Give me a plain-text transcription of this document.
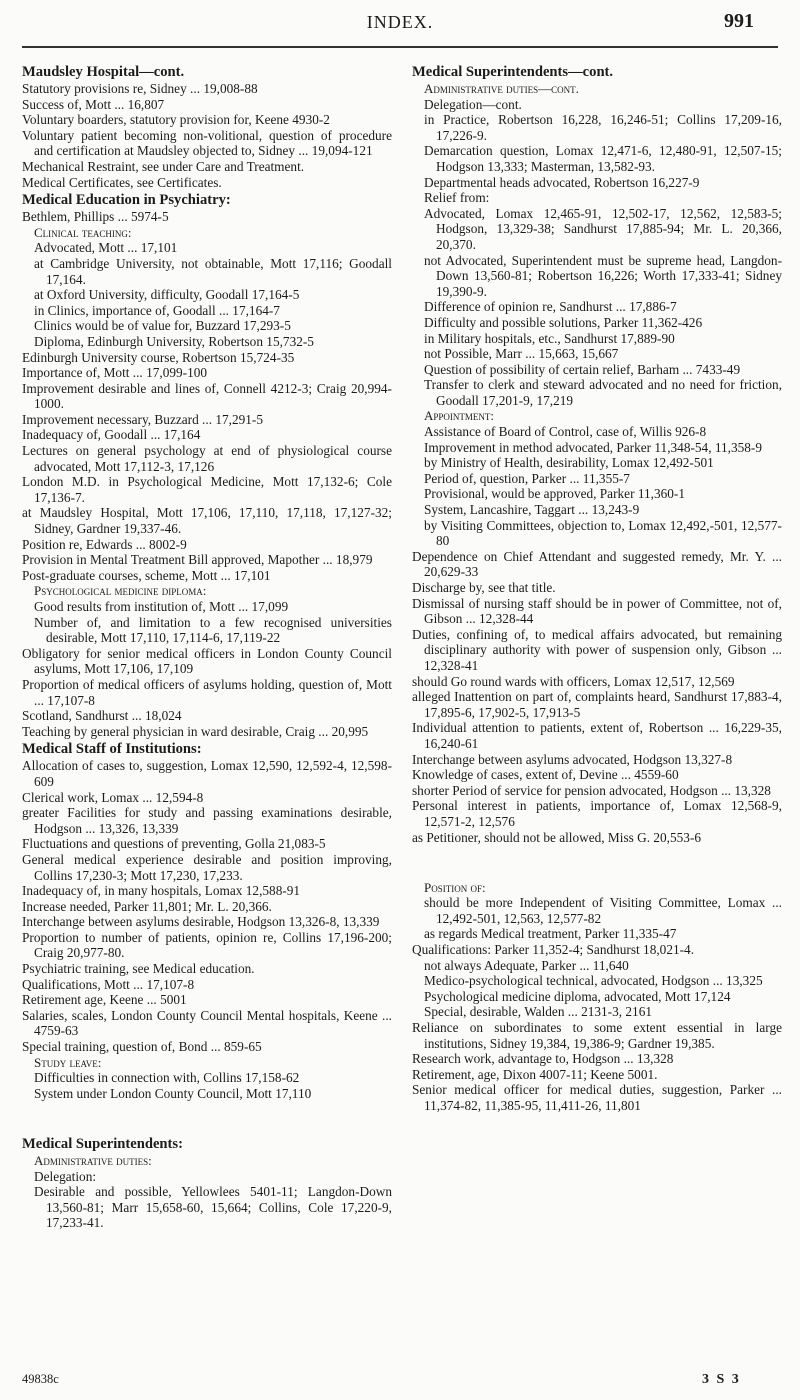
INDEX.	991

Maudsley Hospital—cont.

Statutory provisions re, Sidney ... 19,008-88

Success of, Mott ... 16,807

Voluntary boarders, statutory provision for, Keene 4930-2

Voluntary patient becoming non-volitional, question of procedure and certification at Maudsley objected to, Sidney ... 19,094-121

Mechanical Restraint, see under Care and Treatment.

Medical Certificates, see Certificates.

Medical Education in Psychiatry:

Bethlem, Phillips ... 5974-5

Clinical teaching:

Advocated, Mott ... 17,101

at Cambridge University, not obtainable, Mott 17,116; Goodall 17,164.

at Oxford University, difficulty, Goodall 17,164-5

in Clinics, importance of, Goodall ... 17,164-7

Clinics would be of value for, Buzzard 17,293-5

Diploma, Edinburgh University, Robertson 15,732-5

Edinburgh University course, Robertson 15,724-35

Importance of, Mott ... 17,099-100

Improvement desirable and lines of, Connell 4212-3; Craig 20,994-1000.

Improvement necessary, Buzzard ... 17,291-5

Inadequacy of, Goodall ... 17,164

Lectures on general psychology at end of physiological course advocated, Mott 17,112-3, 17,126

London M.D. in Psychological Medicine, Mott 17,132-6; Cole 17,136-7.

at Maudsley Hospital, Mott 17,106, 17,110, 17,118, 17,127-32; Sidney, Gardner 19,337-46.

Position re, Edwards ... 8002-9

Provision in Mental Treatment Bill approved, Mapother ... 18,979

Post-graduate courses, scheme, Mott ... 17,101

Psychological medicine diploma:

Good results from institution of, Mott ... 17,099

Number of, and limitation to a few recognised universities desirable, Mott 17,110, 17,114-6, 17,119-22

Obligatory for senior medical officers in London County Council asylums, Mott 17,106, 17,109

Proportion of medical officers of asylums holding, question of, Mott ... 17,107-8

Scotland, Sandhurst ... 18,024

Teaching by general physician in ward desirable, Craig ... 20,995

Medical Staff of Institutions:

Allocation of cases to, suggestion, Lomax 12,590, 12,592-4, 12,598-609

Clerical work, Lomax ... 12,594-8

greater Facilities for study and passing examinations desirable, Hodgson ... 13,326, 13,339

Fluctuations and questions of preventing, Golla 21,083-5

General medical experience desirable and position improving, Collins 17,230-3; Mott 17,230, 17,233.

Inadequacy of, in many hospitals, Lomax 12,588-91

Increase needed, Parker 11,801; Mr. L. 20,366.

Interchange between asylums desirable, Hodgson 13,326-8, 13,339

Proportion to number of patients, opinion re, Collins 17,196-200; Craig 20,977-80.

Psychiatric training, see Medical education.

Qualifications, Mott ... 17,107-8

Retirement age, Keene ... 5001

Salaries, scales, London County Council Mental hospitals, Keene ... 4759-63

Special training, question of, Bond ... 859-65

Study leave:

Difficulties in connection with, Collins 17,158-62

System under London County Council, Mott 17,110

Medical Superintendents:

Administrative duties:

Delegation:

Desirable and possible, Yellowlees 5401-11; Langdon-Down 13,560-81; Marr 15,658-60, 15,664; Collins, Cole 17,220-9, 17,233-41.

Medical Superintendents—cont.

Administrative duties—cont.

Delegation—cont.

in Practice, Robertson 16,228, 16,246-51; Collins 17,209-16, 17,226-9.

Demarcation question, Lomax 12,471-6, 12,480-91, 12,507-15; Hodgson 13,333; Masterman, 13,582-93.

Departmental heads advocated, Robertson 16,227-9

Relief from:

Advocated, Lomax 12,465-91, 12,502-17, 12,562, 12,583-5; Hodgson, 13,329-38; Sandhurst 17,885-94; Mr. L. 20,366, 20,370.

not Advocated, Superintendent must be supreme head, Langdon-Down 13,560-81; Robertson 16,226; Worth 17,333-41; Sidney 19,390-9.

Difference of opinion re, Sandhurst ... 17,886-7

Difficulty and possible solutions, Parker 11,362-426

in Military hospitals, etc., Sandhurst 17,889-90

not Possible, Marr ... 15,663, 15,667

Question of possibility of certain relief, Barham ... 7433-49

Transfer to clerk and steward advocated and no need for friction, Goodall 17,201-9, 17,219

Appointment:

Assistance of Board of Control, case of, Willis 926-8

Improvement in method advocated, Parker 11,348-54, 11,358-9

by Ministry of Health, desirability, Lomax 12,492-501

Period of, question, Parker ... 11,355-7

Provisional, would be approved, Parker 11,360-1

System, Lancashire, Taggart ... 13,243-9

by Visiting Committees, objection to, Lomax 12,492,-501, 12,577-80

Dependence on Chief Attendant and suggested remedy, Mr. Y. ... 20,629-33

Discharge by, see that title.

Dismissal of nursing staff should be in power of Committee, not of, Gibson ... 12,328-44

Duties, confining of, to medical affairs advocated, but remaining disciplinary authority with power of suspension only, Gibson ... 12,328-41

should Go round wards with officers, Lomax 12,517, 12,569

alleged Inattention on part of, complaints heard, Sandhurst 17,883-4, 17,895-6, 17,902-5, 17,913-5

Individual attention to patients, extent of, Robertson ... 16,229-35, 16,240-61

Interchange between asylums advocated, Hodgson 13,327-8

Knowledge of cases, extent of, Devine ... 4559-60

shorter Period of service for pension advocated, Hodgson ... 13,328

Personal interest in patients, importance of, Lomax 12,568-9, 12,571-2, 12,576

as Petitioner, should not be allowed, Miss G. 20,553-6

Position of:

should be more Independent of Visiting Committee, Lomax ... 12,492-501, 12,563, 12,577-82

as regards Medical treatment, Parker 11,335-47

Qualifications: Parker 11,352-4; Sandhurst 18,021-4.

not always Adequate, Parker ... 11,640

Medico-psychological technical, advocated, Hodgson ... 13,325

Psychological medicine diploma, advocated, Mott 17,124

Special, desirable, Walden ... 2131-3, 2161

Reliance on subordinates to some extent essential in large institutions, Sidney 19,384, 19,386-9; Gardner 19,385.

Research work, advantage to, Hodgson ... 13,328

Retirement, age, Dixon 4007-11; Keene 5001.

Senior medical officer for medical duties, suggestion, Parker ... 11,374-82, 11,385-95, 11,411-26, 11,801

49838c	3 S 3
